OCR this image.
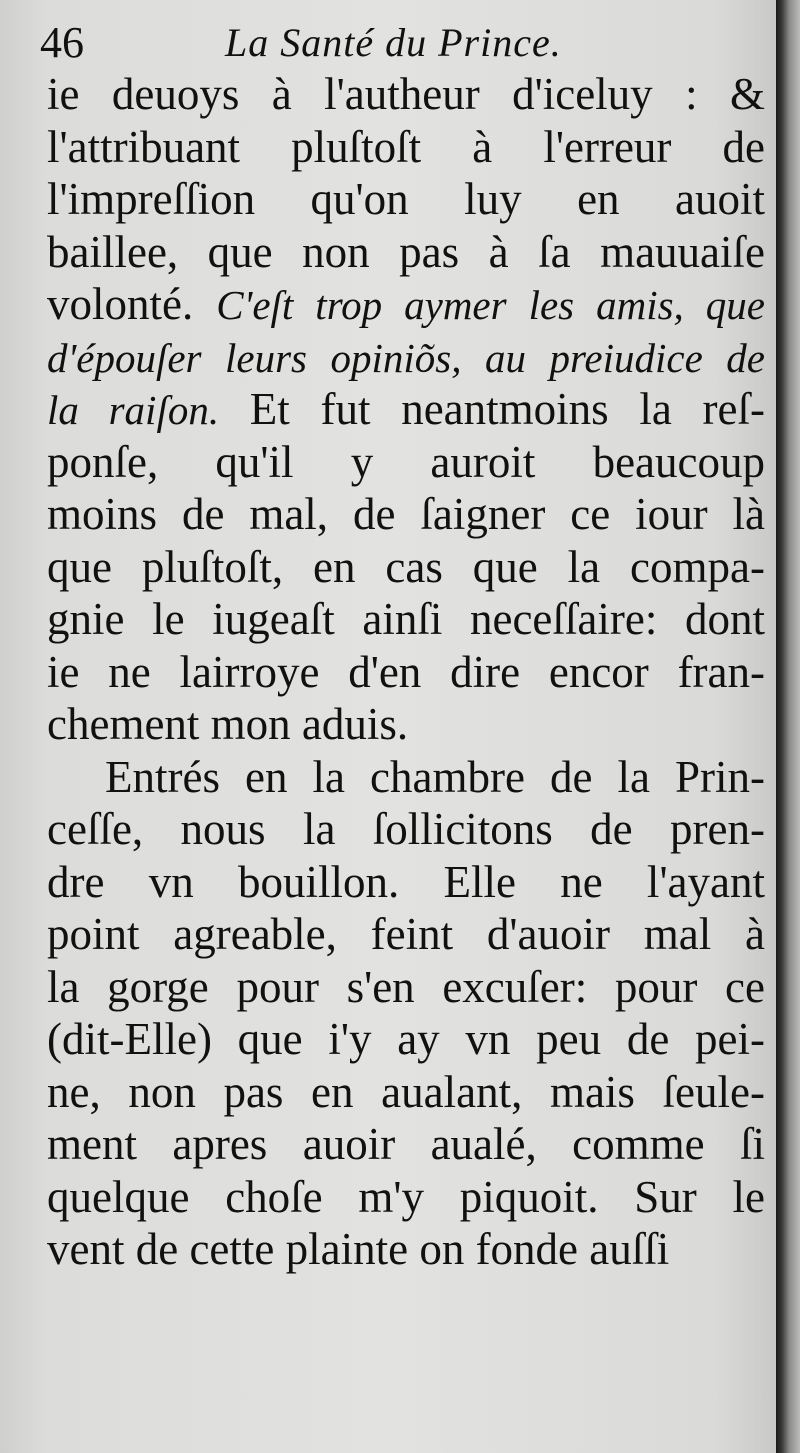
46	La Santé du Prince.
ie deuoys à l'autheur d'iceluy : &
l'attribuant pluſtoſt à l'erreur de
l'impreſſion qu'on luy en auoit
baillee, que non pas à ſa mauuaiſe
volonté. C'eſt trop aymer les amis, que
d'épouſer leurs opiniõs, au preiudice de
la raiſon. Et fut neantmoins la reſ-
ponſe, qu'il y auroit beaucoup
moins de mal, de ſaigner ce iour là
que pluſtoſt, en cas que la compa-
gnie le iugeaſt ainſi neceſſaire: dont
ie ne lairroye d'en dire encor fran-
chement mon aduis.
Entrés en la chambre de la Prin-
ceſſe, nous la ſollicitons de pren-
dre vn bouillon. Elle ne l'ayant
point agreable, feint d'auoir mal à
la gorge pour s'en excuſer: pour ce
(dit-Elle) que i'y ay vn peu de pei-
ne, non pas en aualant, mais ſeule-
ment apres auoir aualé, comme ſi
quelque choſe m'y piquoit. Sur le
vent de cette plainte on fonde auſſi
